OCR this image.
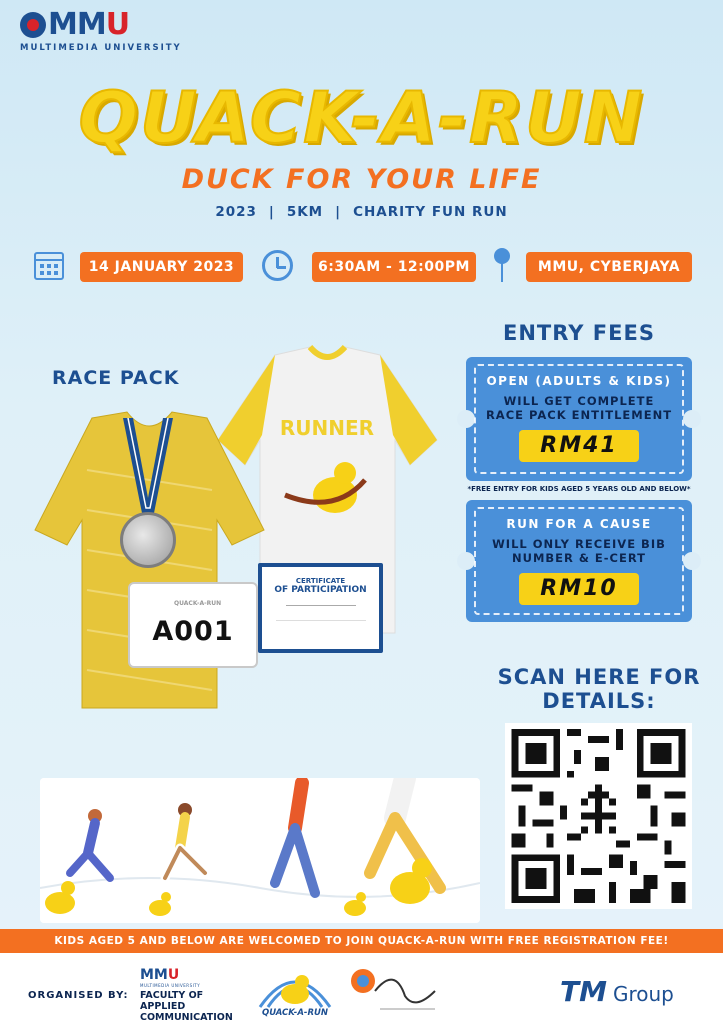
MMU
MULTIMEDIA UNIVERSITY
QUACK-A-RUN
DUCK FOR YOUR LIFE
2023 | 5KM | CHARITY FUN RUN
14 JANUARY 2023	6:30AM - 12:00PM	MMU, CYBERJAYA
RACE PACK
RUNNER
QUACK-A-RUN
A001
CERTIFICATE
OF PARTICIPATION
ENTRY FEES
OPEN (ADULTS & KIDS)
WILL GET COMPLETE RACE PACK ENTITLEMENT
RM41
*FREE ENTRY FOR KIDS AGED 5 YEARS OLD AND BELOW*
RUN FOR A CAUSE
WILL ONLY RECEIVE BIB NUMBER & E-CERT
RM10
SCAN HERE FOR DETAILS:
KIDS AGED 5 AND BELOW ARE WELCOMED TO JOIN QUACK-A-RUN WITH FREE REGISTRATION FEE!
ORGANISED BY:
MMU
MULTIMEDIA UNIVERSITY
FACULTY OF
APPLIED
COMMUNICATION	QUACK-A-RUN
TM Group
